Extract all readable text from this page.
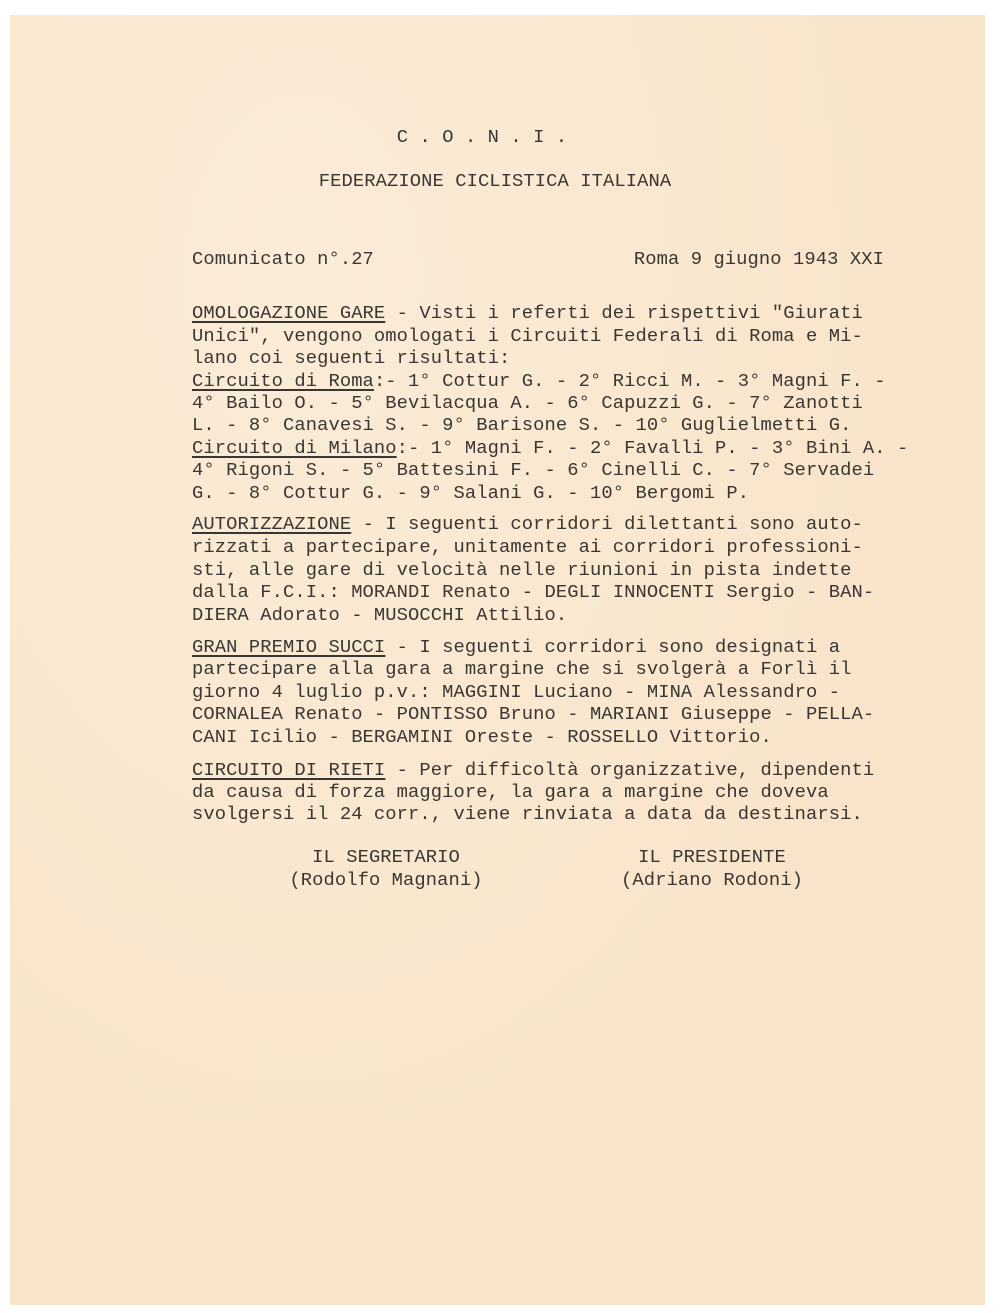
C . O . N . I .
FEDERAZIONE CICLISTICA ITALIANA
Comunicato n°.27	Roma 9 giugno 1943 XXI
OMOLOGAZIONE GARE - Visti i referti dei rispettivi "Giurati
Unici", vengono omologati i Circuiti Federali di Roma e Mi-
lano coi seguenti risultati:
Circuito di Roma:- 1° Cottur G. - 2° Ricci M. - 3° Magni F. -
4° Bailo O. - 5° Bevilacqua A. - 6° Capuzzi G. - 7° Zanotti
L. - 8° Canavesi S. - 9° Barisone S. - 10° Guglielmetti G.
Circuito di Milano:- 1° Magni F. - 2° Favalli P. - 3° Bini A. -
4° Rigoni S. - 5° Battesini F. - 6° Cinelli C. - 7° Servadei
G. - 8° Cottur G. - 9° Salani G. - 10° Bergomi P.
AUTORIZZAZIONE - I seguenti corridori dilettanti sono auto-
rizzati a partecipare, unitamente ai corridori professioni-
sti, alle gare di velocità nelle riunioni in pista indette
dalla F.C.I.: MORANDI Renato - DEGLI INNOCENTI Sergio - BAN-
DIERA Adorato - MUSOCCHI Attilio.
GRAN PREMIO SUCCI - I seguenti corridori sono designati a
partecipare alla gara a margine che si svolgerà a Forlì il
giorno 4 luglio p.v.: MAGGINI Luciano - MINA Alessandro -
CORNALEA Renato - PONTISSO Bruno - MARIANI Giuseppe - PELLA-
CANI Icilio - BERGAMINI Oreste - ROSSELLO Vittorio.
CIRCUITO DI RIETI - Per difficoltà organizzative, dipendenti
da causa di forza maggiore, la gara a margine che doveva
svolgersi il 24 corr., viene rinviata a data da destinarsi.
IL SEGRETARIO
(Rodolfo Magnani)
IL PRESIDENTE
(Adriano Rodoni)
